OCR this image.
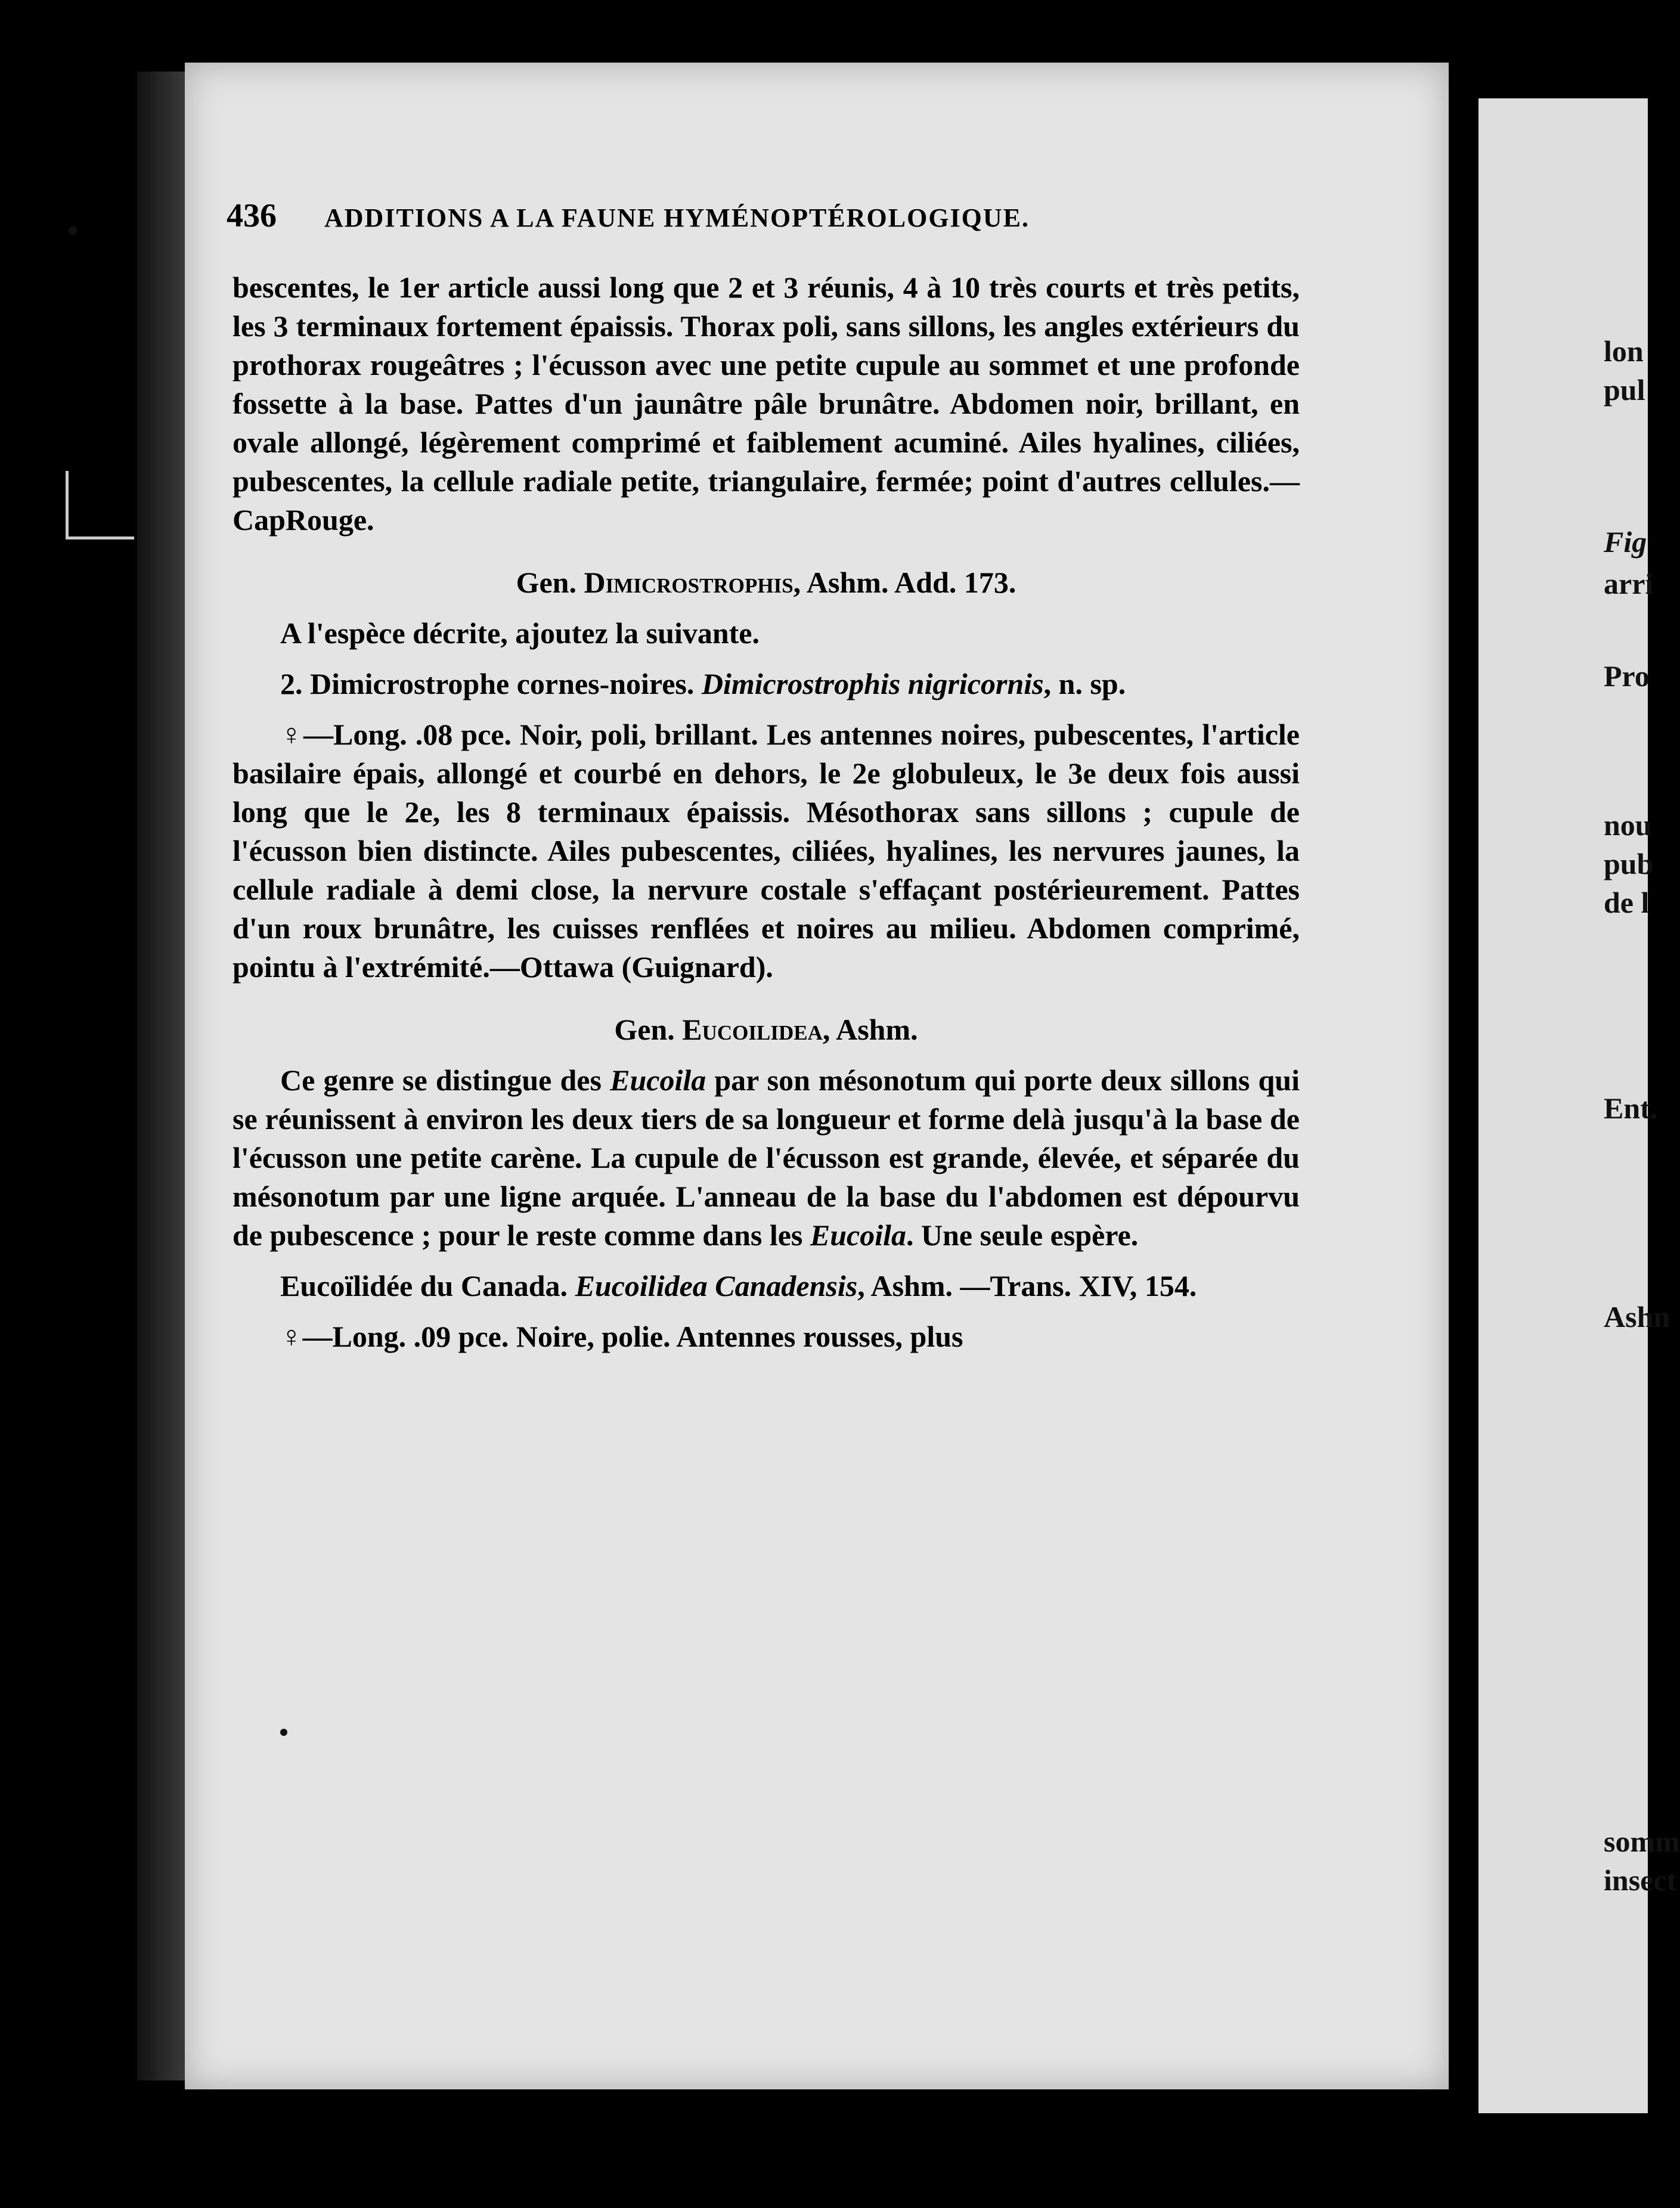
436 ADDITIONS A LA FAUNE HYMÉNOPTÉROLOGIQUE.

bescentes, le 1er article aussi long que 2 et 3 réunis, 4 à 10 très courts et très petits, les 3 terminaux fortement épaissis. Thorax poli, sans sillons, les angles extérieurs du prothorax rougeâtres ; l'écusson avec une petite cupule au sommet et une profonde fossette à la base. Pattes d'un jaunâtre pâle brunâtre. Abdomen noir, brillant, en ovale allongé, légèrement comprimé et faiblement acuminé. Ailes hyalines, ciliées, pubescentes, la cellule radiale petite, triangulaire, fermée; point d'autres cellules.—CapRouge.

Gen. Dimicrostrophis, Ashm. Add. 173.

A l'espèce décrite, ajoutez la suivante.

2. Dimicrostrophe cornes-noires. Dimicrostrophis nigricornis, n. sp.

♀—Long. .08 pce. Noir, poli, brillant. Les antennes noires, pubescentes, l'article basilaire épais, allongé et courbé en dehors, le 2e globuleux, le 3e deux fois aussi long que le 2e, les 8 terminaux épaissis. Mésothorax sans sillons ; cupule de l'écusson bien distincte. Ailes pubescentes, ciliées, hyalines, les nervures jaunes, la cellule radiale à demi close, la nervure costale s'effaçant postérieurement. Pattes d'un roux brunâtre, les cuisses renflées et noires au milieu. Abdomen comprimé, pointu à l'extrémité.—Ottawa (Guignard).

Gen. Eucoilidea, Ashm.

Ce genre se distingue des Eucoila par son mésonotum qui porte deux sillons qui se réunissent à environ les deux tiers de sa longueur et forme delà jusqu'à la base de l'écusson une petite carène. La cupule de l'écusson est grande, élevée, et séparée du mésonotum par une ligne arquée. L'anneau de la base du l'abdomen est dépourvu de pubescence ; pour le reste comme dans les Eucoila. Une seule espère.

Eucoïlidée du Canada. Eucoilidea Canadensis, Ashm. —Trans. XIV, 154.

♀—Long. .09 pce. Noire, polie. Antennes rousses, plus

lon
pul
Fig
arri
Pro
nou
pub
de l
Ent.
Ashn
somm
insect
